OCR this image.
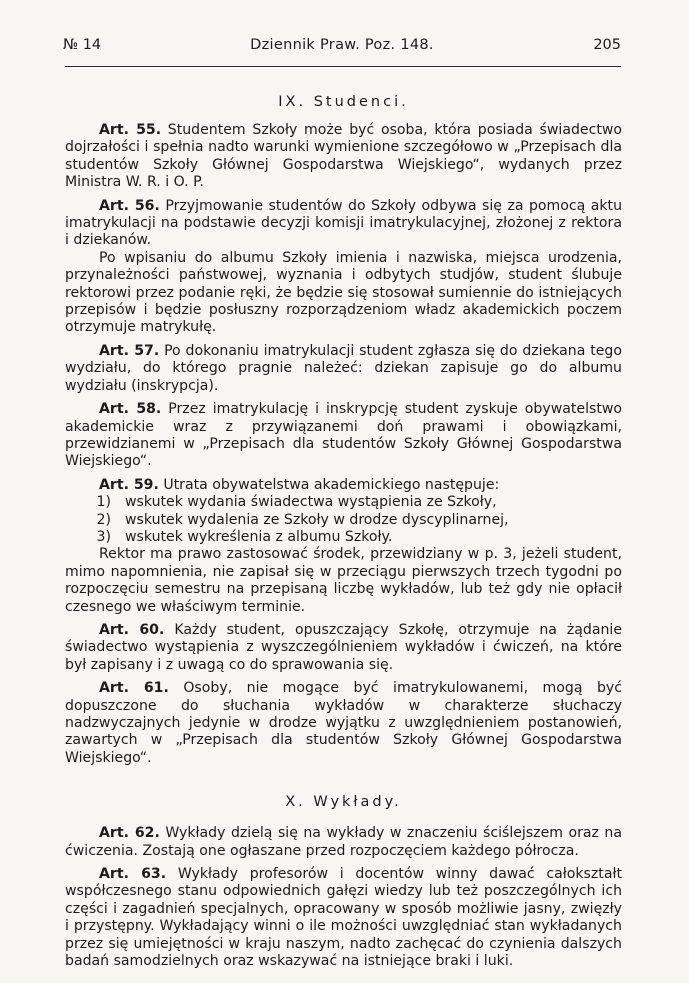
№ 14	Dziennik Praw. Poz. 148.	205
IX. Studenci.

Art. 55. Studentem Szkoły może być osoba, która posiada świadectwo dojrzałości i spełnia nadto warunki wymienione szczegółowo w „Przepisach dla studentów Szkoły Głównej Gospodarstwa Wiejskiego“, wydanych przez Ministra W. R. i O. P.

Art. 56. Przyjmowanie studentów do Szkoły odbywa się za pomocą aktu imatrykulacji na podstawie decyzji komisji imatrykulacyjnej, złożonej z rektora i dziekanów.

Po wpisaniu do albumu Szkoły imienia i nazwiska, miejsca urodzenia, przynależności państwowej, wyznania i odbytych studjów, student ślubuje rektorowi przez podanie ręki, że będzie się stosował sumiennie do istniejących przepisów i będzie posłuszny rozporządzeniom władz akademickich poczem otrzymuje matrykułę.

Art. 57. Po dokonaniu imatrykulacji student zgłasza się do dziekana tego wydziału, do którego pragnie należeć: dziekan zapisuje go do albumu wydziału (inskrypcja).

Art. 58. Przez imatrykulację i inskrypcję student zyskuje obywatelstwo akademickie wraz z przywiązanemi doń prawami i obowiązkami, przewidzianemi w „Przepisach dla studentów Szkoły Głównej Gospodarstwa Wiejskiego“.

Art. 59. Utrata obywatelstwa akademickiego następuje:

1) wskutek wydania świadectwa wystąpienia ze Szkoły,
2) wskutek wydalenia ze Szkoły w drodze dyscyplinarnej,
3) wskutek wykreślenia z albumu Szkoły.

Rektor ma prawo zastosować środek, przewidziany w p. 3, jeżeli student, mimo napomnienia, nie zapisał się w przeciągu pierwszych trzech tygodni po rozpoczęciu semestru na przepisaną liczbę wykładów, lub też gdy nie opłacił czesnego we właściwym terminie.

Art. 60. Każdy student, opuszczający Szkołę, otrzymuje na żądanie świadectwo wystąpienia z wyszczególnieniem wykładów i ćwiczeń, na które był zapisany i z uwagą co do sprawowania się.

Art. 61. Osoby, nie mogące być imatrykulowanemi, mogą być dopuszczone do słuchania wykładów w charakterze słuchaczy nadzwyczajnych jedynie w drodze wyjątku z uwzględnieniem postanowień, zawartych w „Przepisach dla studentów Szkoły Głównej Gospodarstwa Wiejskiego“.

X. Wykłady.

Art. 62. Wykłady dzielą się na wykłady w znaczeniu ściślejszem oraz na ćwiczenia. Zostają one ogłaszane przed rozpoczęciem każdego półrocza.

Art. 63. Wykłady profesorów i docentów winny dawać całokształt współczesnego stanu odpowiednich gałęzi wiedzy lub też poszczególnych ich części i zagadnień specjalnych, opracowany w sposób możliwie jasny, zwięzły i przystępny. Wykładający winni o ile możności uwzględniać stan wykładanych przez się umiejętności w kraju naszym, nadto zachęcać do czynienia dalszych badań samodzielnych oraz wskazywać na istniejące braki i luki.
